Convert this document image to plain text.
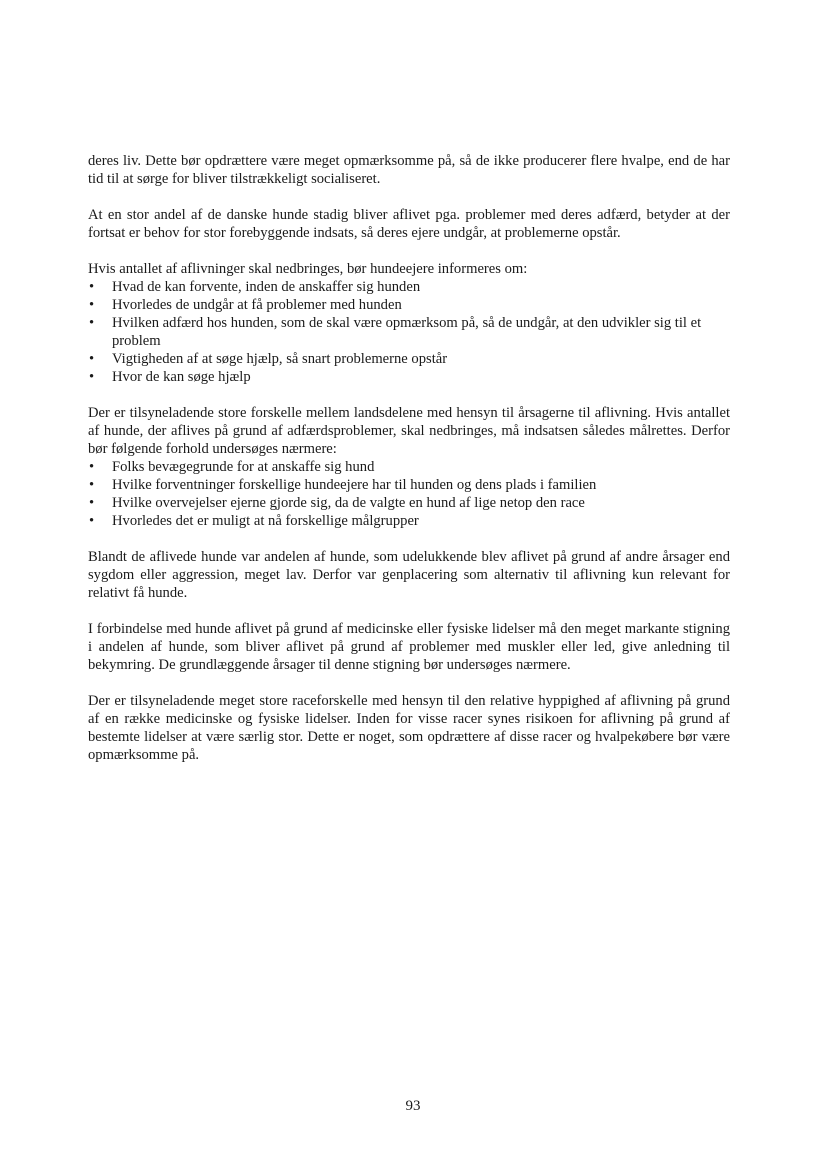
deres liv. Dette bør opdrættere være meget opmærksomme på, så de ikke producerer flere hvalpe, end de har tid til at sørge for bliver tilstrækkeligt socialiseret.

At en stor andel af de danske hunde stadig bliver aflivet pga. problemer med deres adfærd, betyder at der fortsat er behov for stor forebyggende indsats, så deres ejere undgår, at problemerne opstår.

Hvis antallet af aflivninger skal nedbringes, bør hundeejere informeres om:

• Hvad de kan forvente, inden de anskaffer sig hunden
• Hvorledes de undgår at få problemer med hunden
• Hvilken adfærd hos hunden, som de skal være opmærksom på, så de undgår, at den udvikler sig til et problem
• Vigtigheden af at søge hjælp, så snart problemerne opstår
• Hvor de kan søge hjælp

Der er tilsyneladende store forskelle mellem landsdelene med hensyn til årsagerne til aflivning. Hvis antallet af hunde, der aflives på grund af adfærdsproblemer, skal nedbringes, må indsatsen således målrettes. Derfor bør følgende forhold undersøges nærmere:

• Folks bevægegrunde for at anskaffe sig hund
• Hvilke forventninger forskellige hundeejere har til hunden og dens plads i familien
• Hvilke overvejelser ejerne gjorde sig, da de valgte en hund af lige netop den race
• Hvorledes det er muligt at nå forskellige målgrupper

Blandt de aflivede hunde var andelen af hunde, som udelukkende blev aflivet på grund af andre årsager end sygdom eller aggression, meget lav. Derfor var genplacering som alternativ til aflivning kun relevant for relativt få hunde.

I forbindelse med hunde aflivet på grund af medicinske eller fysiske lidelser må den meget markante stigning i andelen af hunde, som bliver aflivet på grund af problemer med muskler eller led, give anledning til bekymring. De grundlæggende årsager til denne stigning bør undersøges nærmere.

Der er tilsyneladende meget store raceforskelle med hensyn til den relative hyppighed af aflivning på grund af en række medicinske og fysiske lidelser. Inden for visse racer synes risikoen for aflivning på grund af bestemte lidelser at være særlig stor. Dette er noget, som opdrættere af disse racer og hvalpekøbere bør være opmærksomme på.

93
